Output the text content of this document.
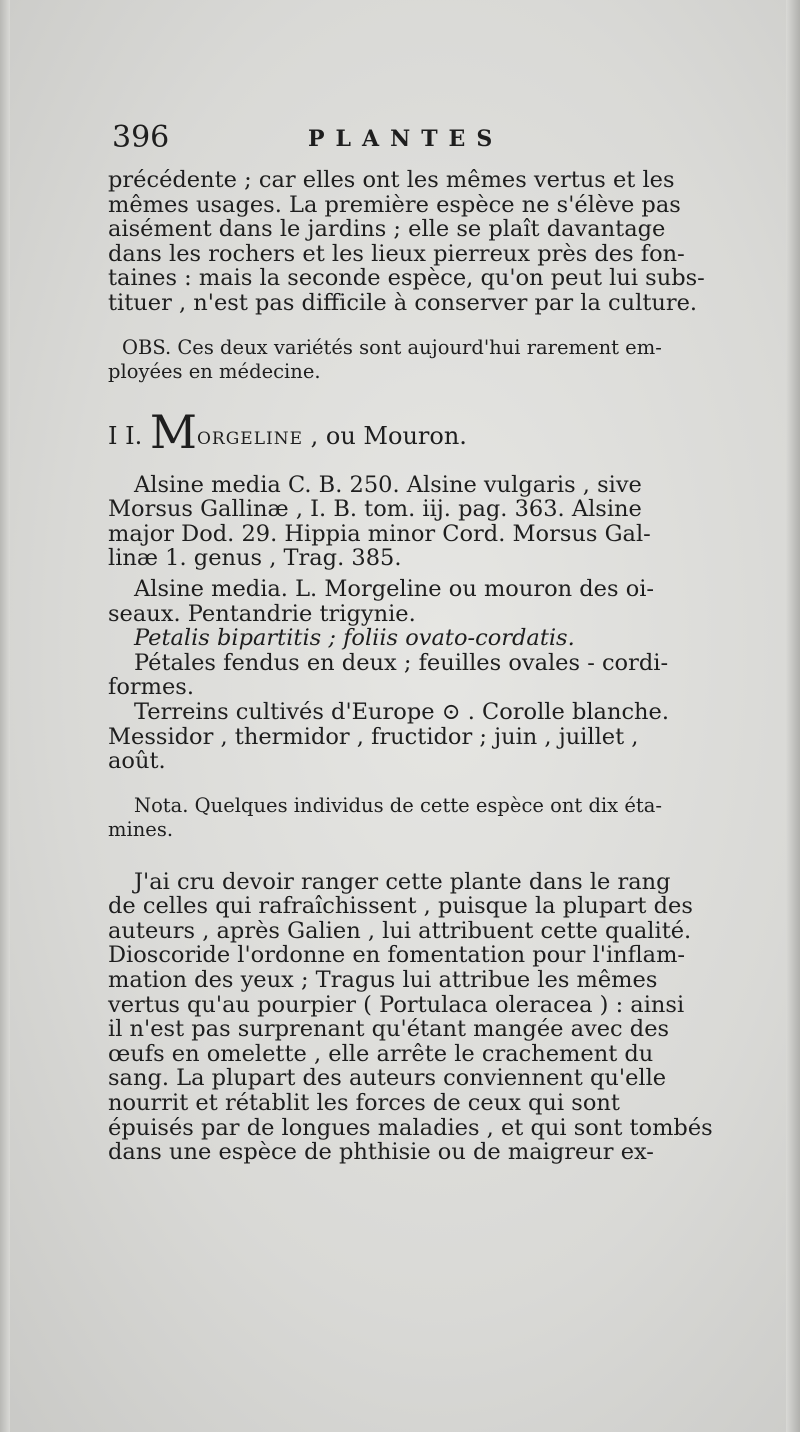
396	PLANTES

précédente ; car elles ont les mêmes vertus et les
mêmes usages. La première espèce ne s'élève pas
aisément dans le jardins ; elle se plaît davantage
dans les rochers et les lieux pierreux près des fon-
taines : mais la seconde espèce, qu'on peut lui subs-
tituer , n'est pas difficile à conserver par la culture.

OBS. Ces deux variétés sont aujourd'hui rarement em-
ployées en médecine.

I I. MORGELINE , ou Mouron.

Alsine media C. B. 250. Alsine vulgaris , sive
Morsus Gallinæ , I. B. tom. iij. pag. 363. Alsine
major Dod. 29. Hippia minor Cord. Morsus Gal-
linæ 1. genus , Trag. 385.

Alsine media. L. Morgeline ou mouron des oi-
seaux. Pentandrie trigynie.

Petalis bipartitis ; foliis ovato-cordatis.

Pétales fendus en deux ; feuilles ovales - cordi-
formes.

Terreins cultivés d'Europe ⊙ . Corolle blanche.
Messidor , thermidor , fructidor ; juin , juillet ,
août.

Nota. Quelques individus de cette espèce ont dix éta-
mines.

J'ai cru devoir ranger cette plante dans le rang
de celles qui rafraîchissent , puisque la plupart des
auteurs , après Galien , lui attribuent cette qualité.
Dioscoride l'ordonne en fomentation pour l'inflam-
mation des yeux ; Tragus lui attribue les mêmes
vertus qu'au pourpier ( Portulaca oleracea ) : ainsi
il n'est pas surprenant qu'étant mangée avec des
œufs en omelette , elle arrête le crachement du
sang. La plupart des auteurs conviennent qu'elle
nourrit et rétablit les forces de ceux qui sont
épuisés par de longues maladies , et qui sont tombés
dans une espèce de phthisie ou de maigreur ex-
